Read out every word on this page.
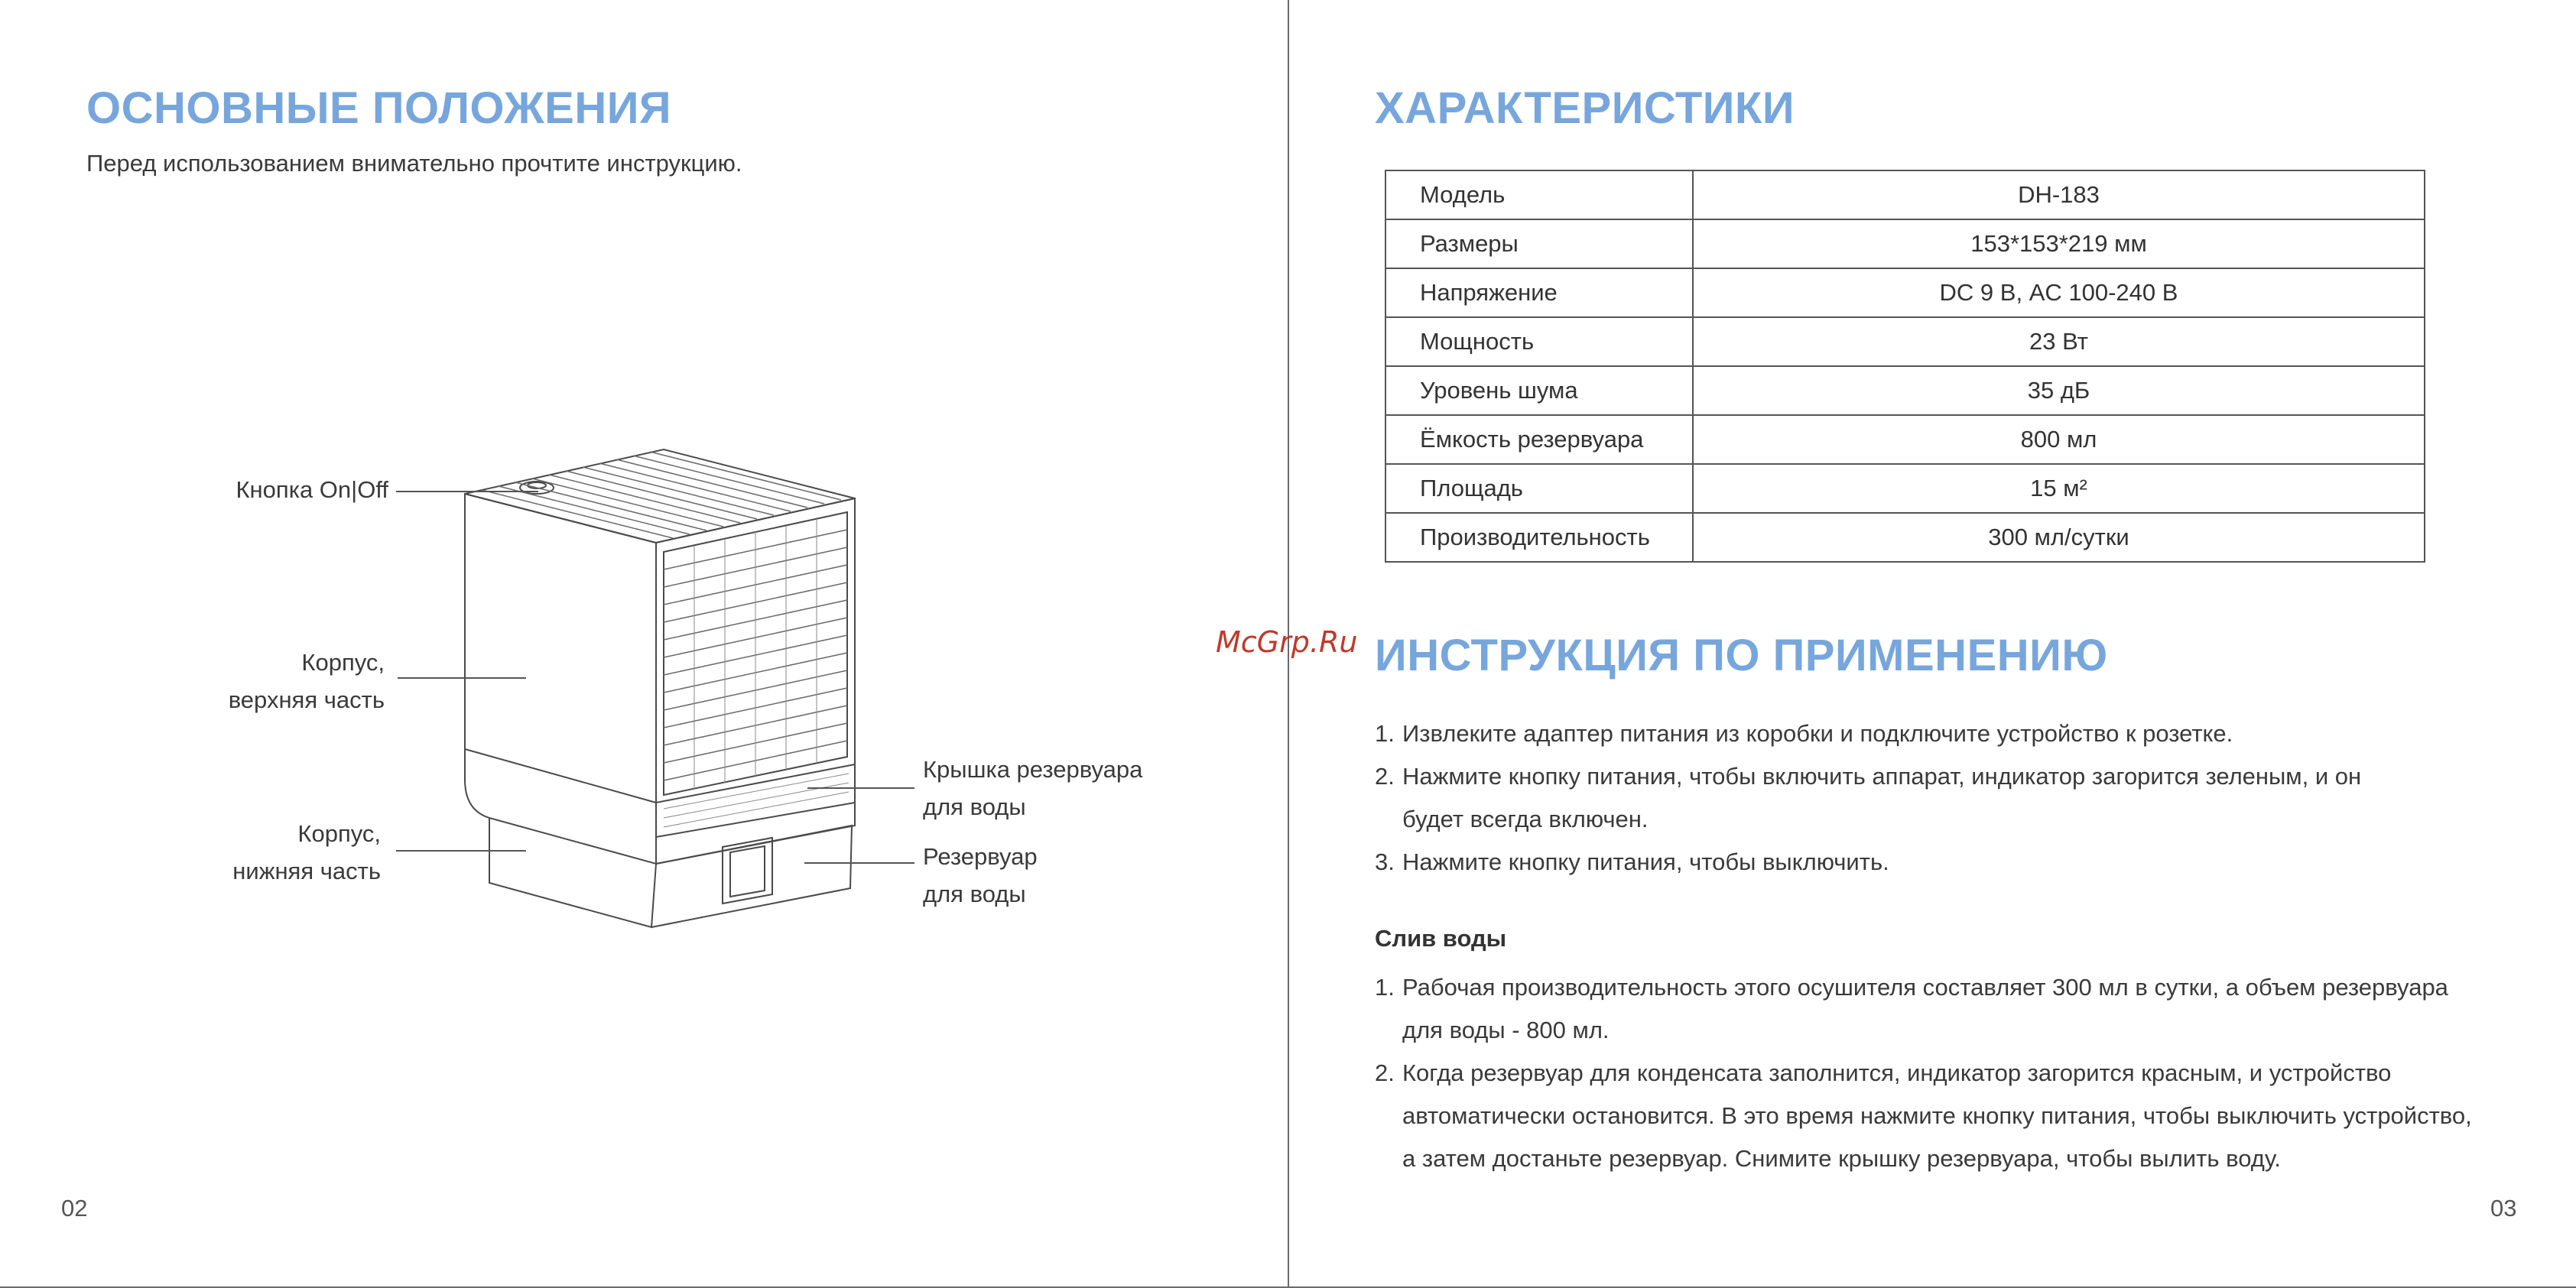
ОСНОВНЫЕ ПОЛОЖЕНИЯ
Перед использованием внимательно прочтите инструкцию.
Кнопка On|Off
Корпус,
верхняя часть
Корпус,
нижняя часть
Крышка резервуара
для воды
Резервуар
для воды
02
ХАРАКТЕРИСТИКИ
Модель	DH-183
Размеры	153*153*219 мм
Напряжение	DC 9 В, AC 100-240 В
Мощность	23 Вт
Уровень шума	35 дБ
Ёмкость резервуара	800 мл
Площадь	15 м²
Производительность	300 мл/сутки
ИНСТРУКЦИЯ ПО ПРИМЕНЕНИЮ
1. Извлеките адаптер питания из коробки и подключите устройство к розетке.
2. Нажмите кнопку питания, чтобы включить аппарат, индикатор загорится зеленым, и он
будет всегда включен.
3. Нажмите кнопку питания, чтобы выключить.
Слив воды
1. Рабочая производительность этого осушителя составляет 300 мл в сутки, а объем резервуара
для воды - 800 мл.
2. Когда резервуар для конденсата заполнится, индикатор загорится красным, и устройство
автоматически остановится. В это время нажмите кнопку питания, чтобы выключить устройство,
а затем достаньте резервуар. Снимите крышку резервуара, чтобы вылить воду.
03
McGrp.Ru
